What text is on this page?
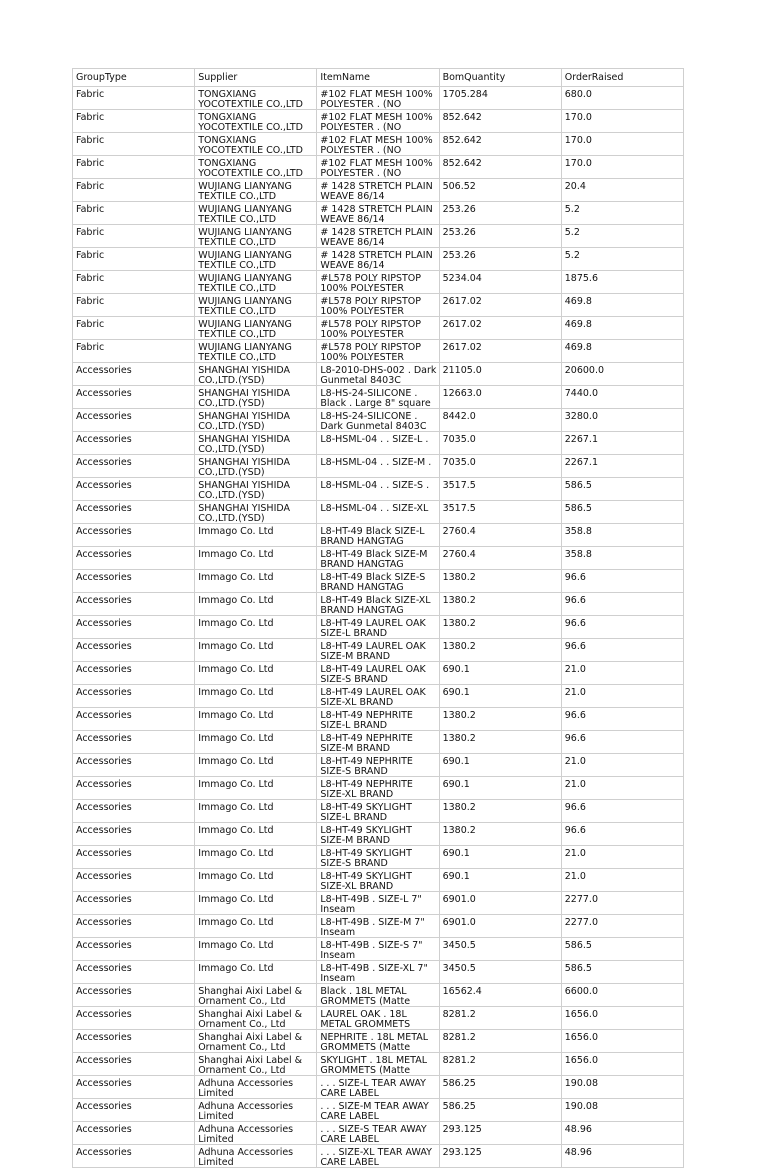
GroupType	Supplier	ItemName	BomQuantity	OrderRaised

Fabric	TONGXIANG YOCOTEXTILE CO.,LTD	#102 FLAT MESH 100% POLYESTER . (NO	1705.284	680.0

Fabric	TONGXIANG YOCOTEXTILE CO.,LTD	#102 FLAT MESH 100% POLYESTER . (NO	852.642	170.0

Fabric	TONGXIANG YOCOTEXTILE CO.,LTD	#102 FLAT MESH 100% POLYESTER . (NO	852.642	170.0

Fabric	TONGXIANG YOCOTEXTILE CO.,LTD	#102 FLAT MESH 100% POLYESTER . (NO	852.642	170.0

Fabric	WUJIANG LIANYANG TEXTILE CO.,LTD	# 1428 STRETCH PLAIN WEAVE 86/14	506.52	20.4

Fabric	WUJIANG LIANYANG TEXTILE CO.,LTD	# 1428 STRETCH PLAIN WEAVE 86/14	253.26	5.2

Fabric	WUJIANG LIANYANG TEXTILE CO.,LTD	# 1428 STRETCH PLAIN WEAVE 86/14	253.26	5.2

Fabric	WUJIANG LIANYANG TEXTILE CO.,LTD	# 1428 STRETCH PLAIN WEAVE 86/14	253.26	5.2

Fabric	WUJIANG LIANYANG TEXTILE CO.,LTD	#L578 POLY RIPSTOP 100% POLYESTER	5234.04	1875.6

Fabric	WUJIANG LIANYANG TEXTILE CO.,LTD	#L578 POLY RIPSTOP 100% POLYESTER	2617.02	469.8

Fabric	WUJIANG LIANYANG TEXTILE CO.,LTD	#L578 POLY RIPSTOP 100% POLYESTER	2617.02	469.8

Fabric	WUJIANG LIANYANG TEXTILE CO.,LTD	#L578 POLY RIPSTOP 100% POLYESTER	2617.02	469.8

Accessories	SHANGHAI YISHIDA CO.,LTD.(YSD)	L8-2010-DHS-002 . Dark Gunmetal 8403C	21105.0	20600.0

Accessories	SHANGHAI YISHIDA CO.,LTD.(YSD)	L8-HS-24-SILICONE . Black . Large 8" square	12663.0	7440.0

Accessories	SHANGHAI YISHIDA CO.,LTD.(YSD)	L8-HS-24-SILICONE . Dark Gunmetal 8403C	8442.0	3280.0

Accessories	SHANGHAI YISHIDA CO.,LTD.(YSD)	L8-HSML-04 . . SIZE-L .	7035.0	2267.1

Accessories	SHANGHAI YISHIDA CO.,LTD.(YSD)	L8-HSML-04 . . SIZE-M .	7035.0	2267.1

Accessories	SHANGHAI YISHIDA CO.,LTD.(YSD)	L8-HSML-04 . . SIZE-S .	3517.5	586.5

Accessories	SHANGHAI YISHIDA CO.,LTD.(YSD)	L8-HSML-04 . . SIZE-XL	3517.5	586.5

Accessories	Immago Co. Ltd	L8-HT-49 Black SIZE-L BRAND HANGTAG	2760.4	358.8

Accessories	Immago Co. Ltd	L8-HT-49 Black SIZE-M BRAND HANGTAG	2760.4	358.8

Accessories	Immago Co. Ltd	L8-HT-49 Black SIZE-S BRAND HANGTAG	1380.2	96.6

Accessories	Immago Co. Ltd	L8-HT-49 Black SIZE-XL BRAND HANGTAG	1380.2	96.6

Accessories	Immago Co. Ltd	L8-HT-49 LAUREL OAK SIZE-L BRAND	1380.2	96.6

Accessories	Immago Co. Ltd	L8-HT-49 LAUREL OAK SIZE-M BRAND	1380.2	96.6

Accessories	Immago Co. Ltd	L8-HT-49 LAUREL OAK SIZE-S BRAND	690.1	21.0

Accessories	Immago Co. Ltd	L8-HT-49 LAUREL OAK SIZE-XL BRAND	690.1	21.0

Accessories	Immago Co. Ltd	L8-HT-49 NEPHRITE SIZE-L BRAND	1380.2	96.6

Accessories	Immago Co. Ltd	L8-HT-49 NEPHRITE SIZE-M BRAND	1380.2	96.6

Accessories	Immago Co. Ltd	L8-HT-49 NEPHRITE SIZE-S BRAND	690.1	21.0

Accessories	Immago Co. Ltd	L8-HT-49 NEPHRITE SIZE-XL BRAND	690.1	21.0

Accessories	Immago Co. Ltd	L8-HT-49 SKYLIGHT SIZE-L BRAND	1380.2	96.6

Accessories	Immago Co. Ltd	L8-HT-49 SKYLIGHT SIZE-M BRAND	1380.2	96.6

Accessories	Immago Co. Ltd	L8-HT-49 SKYLIGHT SIZE-S BRAND	690.1	21.0

Accessories	Immago Co. Ltd	L8-HT-49 SKYLIGHT SIZE-XL BRAND	690.1	21.0

Accessories	Immago Co. Ltd	L8-HT-49B . SIZE-L 7" Inseam	6901.0	2277.0

Accessories	Immago Co. Ltd	L8-HT-49B . SIZE-M 7" Inseam	6901.0	2277.0

Accessories	Immago Co. Ltd	L8-HT-49B . SIZE-S 7" Inseam	3450.5	586.5

Accessories	Immago Co. Ltd	L8-HT-49B . SIZE-XL 7" Inseam	3450.5	586.5

Accessories	Shanghai Aixi Label & Ornament Co., Ltd	Black . 18L METAL GROMMETS (Matte	16562.4	6600.0

Accessories	Shanghai Aixi Label & Ornament Co., Ltd	LAUREL OAK . 18L METAL GROMMETS	8281.2	1656.0

Accessories	Shanghai Aixi Label & Ornament Co., Ltd	NEPHRITE . 18L METAL GROMMETS (Matte	8281.2	1656.0

Accessories	Shanghai Aixi Label & Ornament Co., Ltd	SKYLIGHT . 18L METAL GROMMETS (Matte	8281.2	1656.0

Accessories	Adhuna Accessories Limited	. . . SIZE-L TEAR AWAY CARE LABEL	586.25	190.08

Accessories	Adhuna Accessories Limited	. . . SIZE-M TEAR AWAY CARE LABEL	586.25	190.08

Accessories	Adhuna Accessories Limited	. . . SIZE-S TEAR AWAY CARE LABEL	293.125	48.96

Accessories	Adhuna Accessories Limited	. . . SIZE-XL TEAR AWAY CARE LABEL	293.125	48.96
